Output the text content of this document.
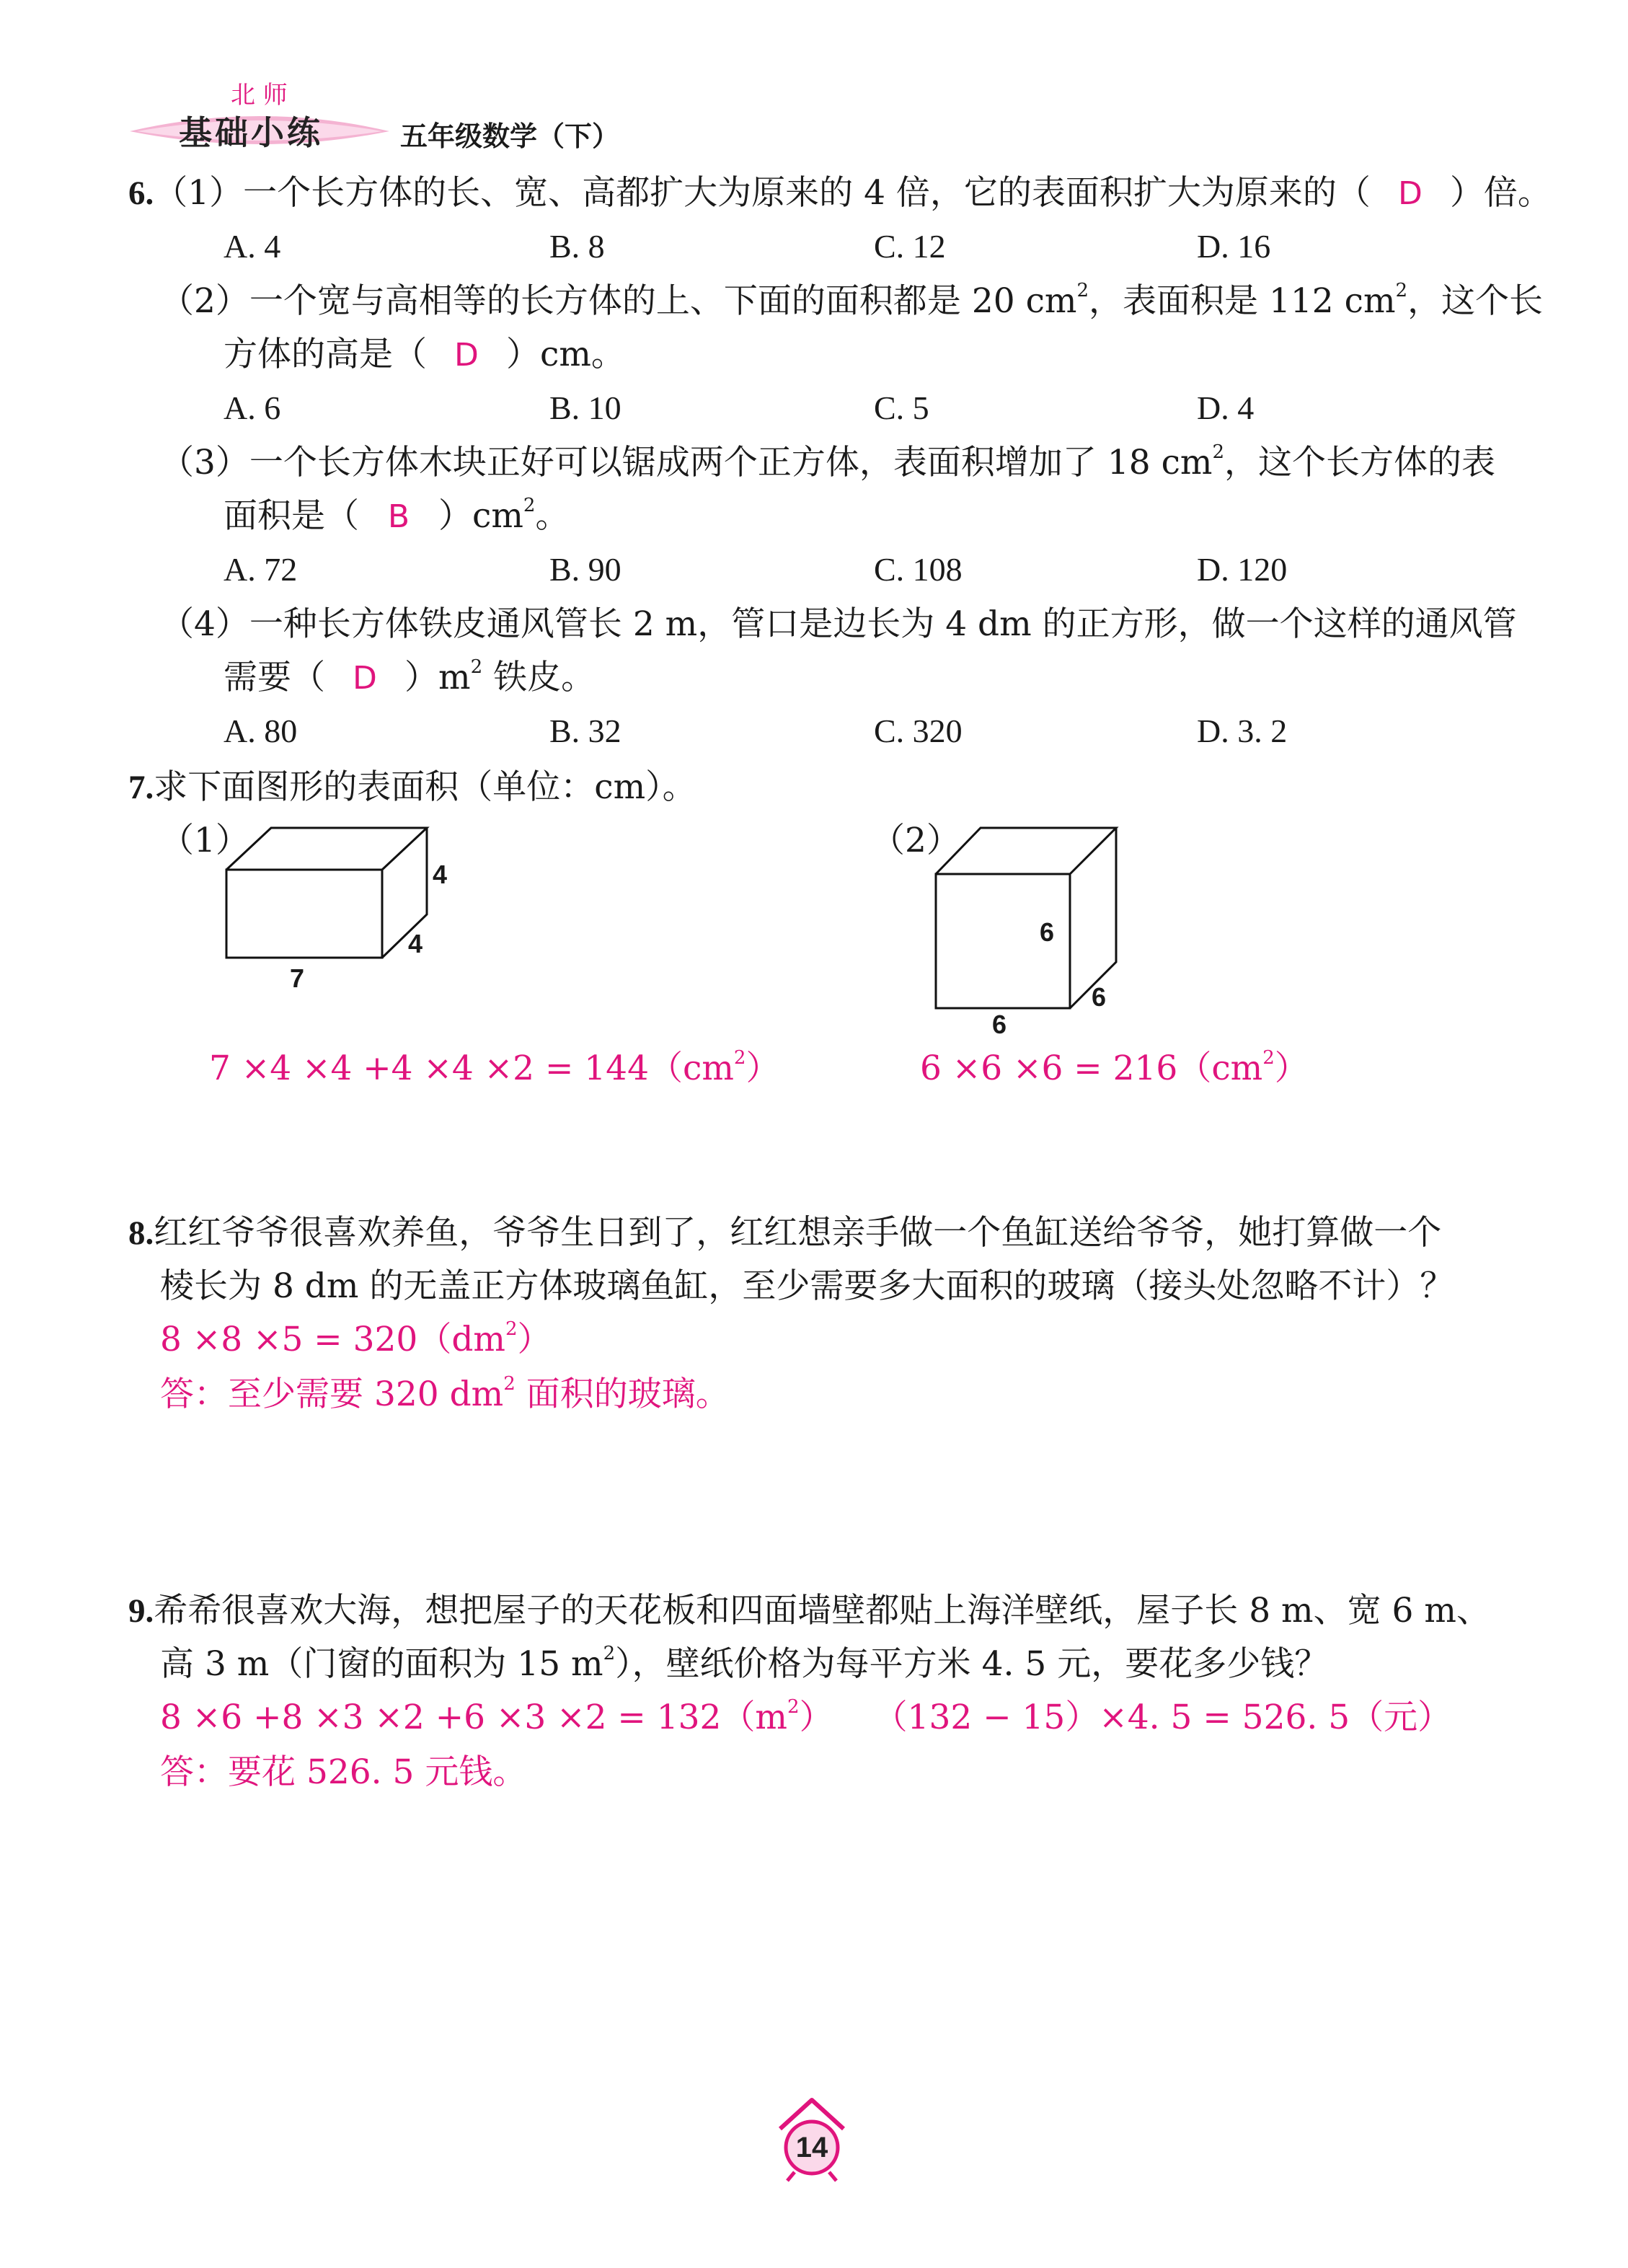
北 师
基础小练	五年级数学（下）
6.（1）一个长方体的长、宽、高都扩大为原来的 4 倍，它的表面积扩大为原来的（ D ）倍。
A. 4	B. 8	C. 12	D. 16
（2）一个宽与高相等的长方体的上、下面的面积都是 20 $cm^2$，表面积是 112 $cm^2$，这个长
方体的高是（ D ）cm。
A. 6	B. 10	C. 5	D. 4
（3）一个长方体木块正好可以锯成两个正方体，表面积增加了 18 $cm^2$，这个长方体的表
面积是（ B ）$cm^2$。
A. 72	B. 90	C. 108	D. 120
（4）一种长方体铁皮通风管长 2 m，管口是边长为 4 dm 的正方形，做一个这样的通风管
需要（ D ）$m^2$ 铁皮。
A. 80	B. 32	C. 320	D. 3. 2
7.求下面图形的表面积（单位：cm）。
（1）
4
4
7
（2）
6
6
6
$7 \times 4 \times 4 +4 \times 4 \times 2 = 144(cm^2)$	$6 \times 6 \times 6 = 216(cm^2)$
8.红红爷爷很喜欢养鱼，爷爷生日到了，红红想亲手做一个鱼缸送给爷爷，她打算做一个
棱长为 8 dm 的无盖正方体玻璃鱼缸，至少需要多大面积的玻璃（接头处忽略不计）？
$8 \times 8 \times 5 = 320(dm^2)$
答：至少需要 320 $dm^2$ 面积的玻璃。
9.希希很喜欢大海，想把屋子的天花板和四面墙壁都贴上海洋壁纸，屋子长 8 m、宽 6 m、
高 3 m（门窗的面积为 15 $m^2$），壁纸价格为每平方米 4. 5 元，要花多少钱？
$8 \times 6 +8 \times 3 \times 2 +6 \times 3 \times 2 = 132(m^2) (132 - 15)\times 4$. 5 = 526. 5（元）
答：要花 526. 5 元钱。
14
